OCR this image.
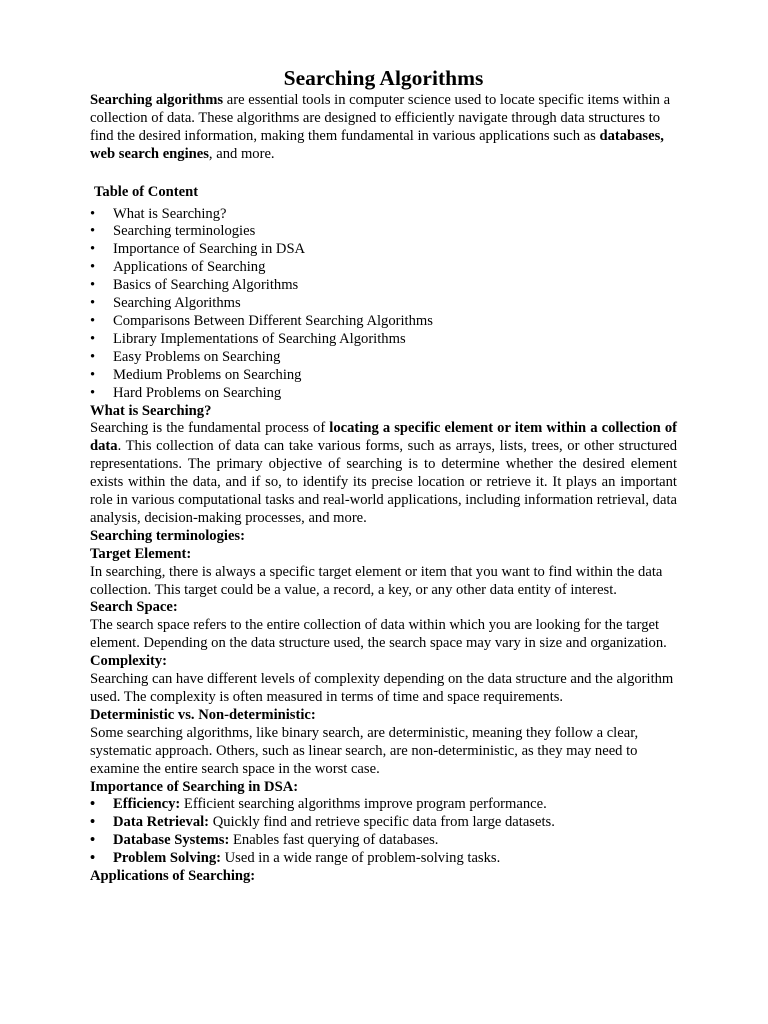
Searching Algorithms

Searching algorithms are essential tools in computer science used to locate specific items within a collection of data. These algorithms are designed to efficiently navigate through data structures to find the desired information, making them fundamental in various applications such as databases, web search engines, and more.

Table of Content
• What is Searching?
• Searching terminologies
• Importance of Searching in DSA
• Applications of Searching
• Basics of Searching Algorithms
• Searching Algorithms
• Comparisons Between Different Searching Algorithms
• Library Implementations of Searching Algorithms
• Easy Problems on Searching
• Medium Problems on Searching
• Hard Problems on Searching
What is Searching?

Searching is the fundamental process of locating a specific element or item within a collection of data. This collection of data can take various forms, such as arrays, lists, trees, or other structured representations. The primary objective of searching is to determine whether the desired element exists within the data, and if so, to identify its precise location or retrieve it. It plays an important role in various computational tasks and real-world applications, including information retrieval, data analysis, decision-making processes, and more.

Searching terminologies:
Target Element:

In searching, there is always a specific target element or item that you want to find within the data collection. This target could be a value, a record, a key, or any other data entity of interest.

Search Space:

The search space refers to the entire collection of data within which you are looking for the target element. Depending on the data structure used, the search space may vary in size and organization.

Complexity:

Searching can have different levels of complexity depending on the data structure and the algorithm used. The complexity is often measured in terms of time and space requirements.

Deterministic vs. Non-deterministic:

Some searching algorithms, like binary search, are deterministic, meaning they follow a clear, systematic approach. Others, such as linear search, are non-deterministic, as they may need to examine the entire search space in the worst case.

Importance of Searching in DSA:
• Efficiency: Efficient searching algorithms improve program performance.
• Data Retrieval: Quickly find and retrieve specific data from large datasets.
• Database Systems: Enables fast querying of databases.
• Problem Solving: Used in a wide range of problem-solving tasks.
Applications of Searching:
